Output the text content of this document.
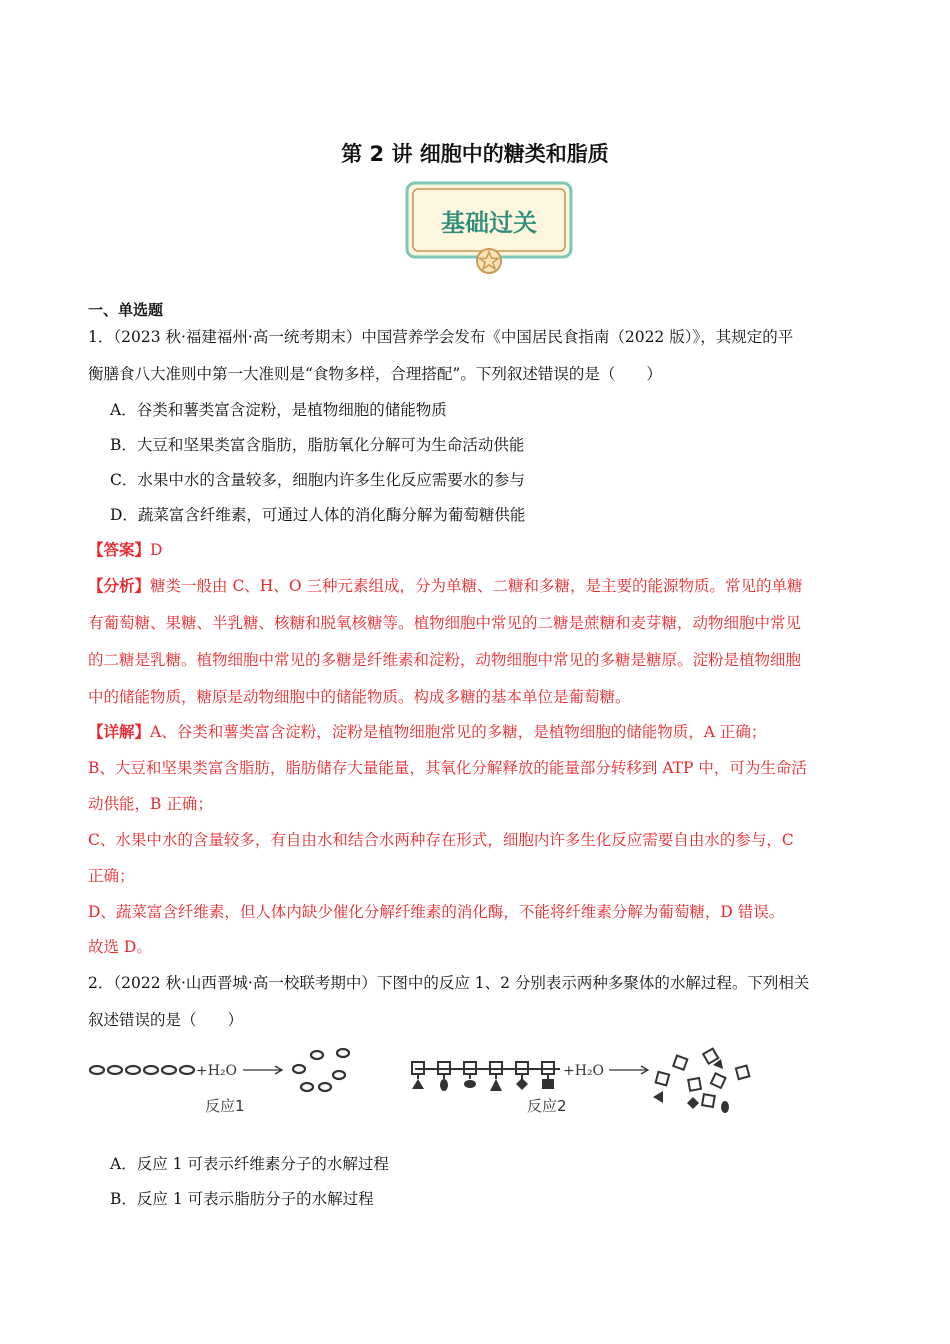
第 2 讲 细胞中的糖类和脂质
基础过关
一、单选题
1．（2023 秋·福建福州·高一统考期末）中国营养学会发布《中国居民食指南（2022 版）》，其规定的平
衡膳食八大准则中第一大准则是“食物多样，合理搭配”。下列叙述错误的是（　　）
A．谷类和薯类富含淀粉，是植物细胞的储能物质
B．大豆和坚果类富含脂肪，脂肪氧化分解可为生命活动供能
C．水果中水的含量较多，细胞内许多生化反应需要水的参与
D．蔬菜富含纤维素，可通过人体的消化酶分解为葡萄糖供能
【答案】D
【分析】糖类一般由 C、H、O 三种元素组成，分为单糖、二糖和多糖，是主要的能源物质。常见的单糖
有葡萄糖、果糖、半乳糖、核糖和脱氧核糖等。植物细胞中常见的二糖是蔗糖和麦芽糖，动物细胞中常见
的二糖是乳糖。植物细胞中常见的多糖是纤维素和淀粉，动物细胞中常见的多糖是糖原。淀粉是植物细胞
中的储能物质，糖原是动物细胞中的储能物质。构成多糖的基本单位是葡萄糖。
【详解】A、谷类和薯类富含淀粉，淀粉是植物细胞常见的多糖，是植物细胞的储能物质，A 正确；
B、大豆和坚果类富含脂肪，脂肪储存大量能量，其氧化分解释放的能量部分转移到 ATP 中，可为生命活
动供能，B 正确；
C、水果中水的含量较多，有自由水和结合水两种存在形式，细胞内许多生化反应需要自由水的参与，C
正确；
D、蔬菜富含纤维素，但人体内缺少催化分解纤维素的消化酶，不能将纤维素分解为葡萄糖，D 错误。
故选 D。
2．（2022 秋·山西晋城·高一校联考期中）下图中的反应 1、2 分别表示两种多聚体的水解过程。下列相关
叙述错误的是（　　）
+H₂O
反应1
+H₂O
反应2
A．反应 1 可表示纤维素分子的水解过程
B．反应 1 可表示脂肪分子的水解过程
